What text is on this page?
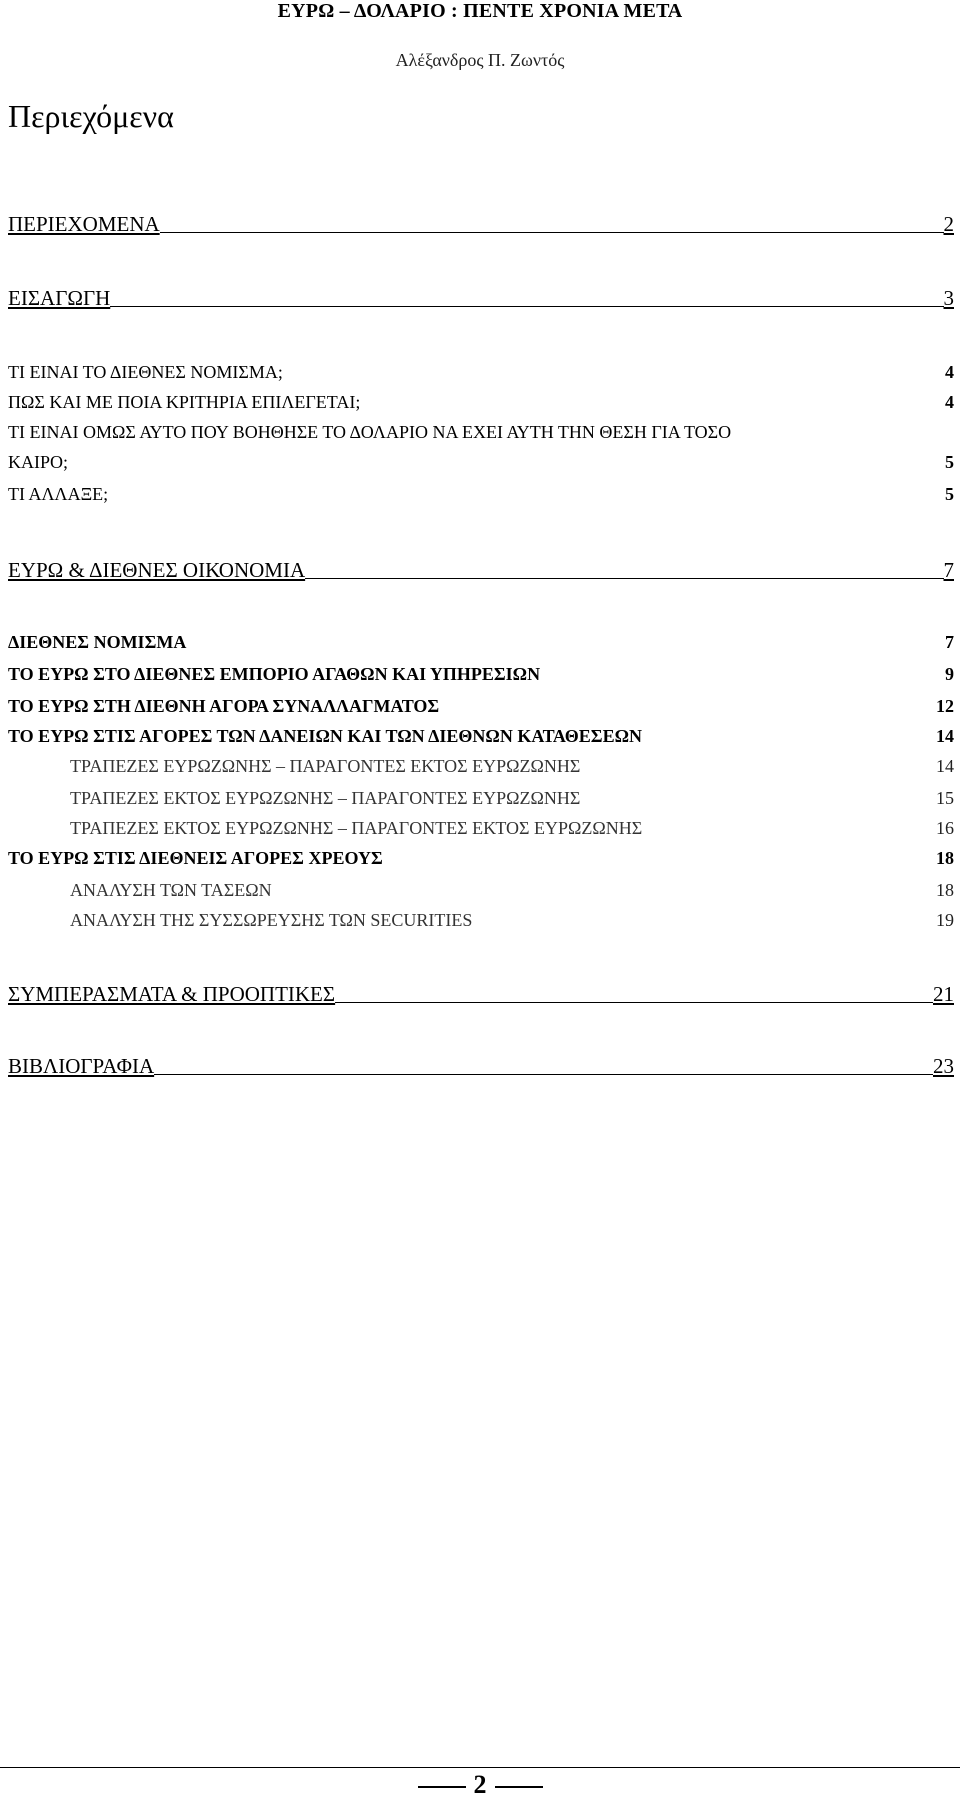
ΕΥΡΩ – ΔΟΛΑΡΙΟ : ΠΕΝΤΕ ΧΡΟΝΙΑ ΜΕΤΑ
Αλέξανδρος Π. Ζωντός
Περιεχόμενα
ΠΕΡΙΕΧΟΜΕΝΑ	2
ΕΙΣΑΓΩΓΗ	3
ΤΙ ΕΙΝΑΙ ΤΟ ΔΙΕΘΝΕΣ ΝΟΜΙΣΜΑ;	4
ΠΩΣ ΚΑΙ ΜΕ ΠΟΙΑ ΚΡΙΤΗΡΙΑ ΕΠΙΛΕΓΕΤΑΙ;	4
ΤΙ ΕΙΝΑΙ ΟΜΩΣ ΑΥΤΟ ΠΟΥ ΒΟΗΘΗΣΕ ΤΟ ΔΟΛΑΡΙΟ ΝΑ ΕΧΕΙ ΑΥΤΗ ΤΗΝ ΘΕΣΗ ΓΙΑ ΤΟΣΟ
ΚΑΙΡΟ;	5
ΤΙ ΑΛΛΑΞΕ;	5
ΕΥΡΩ & ΔΙΕΘΝΕΣ ΟΙΚΟΝΟΜΙΑ	7
ΔΙΕΘΝΕΣ ΝΟΜΙΣΜΑ	7
ΤΟ ΕΥΡΩ ΣΤΟ ΔΙΕΘΝΕΣ ΕΜΠΟΡΙΟ ΑΓΑΘΩΝ ΚΑΙ ΥΠΗΡΕΣΙΩΝ	9
ΤΟ ΕΥΡΩ ΣΤΗ ΔΙΕΘΝΗ ΑΓΟΡΑ ΣΥΝΑΛΛΑΓΜΑΤΟΣ	12
ΤΟ ΕΥΡΩ ΣΤΙΣ ΑΓΟΡΕΣ ΤΩΝ ΔΑΝΕΙΩΝ ΚΑΙ ΤΩΝ ΔΙΕΘΝΩΝ ΚΑΤΑΘΕΣΕΩΝ	14
ΤΡΑΠΕΖΕΣ ΕΥΡΩΖΩΝΗΣ – ΠΑΡΑΓΟΝΤΕΣ ΕΚΤΟΣ ΕΥΡΩΖΩΝΗΣ	14
ΤΡΑΠΕΖΕΣ ΕΚΤΟΣ ΕΥΡΩΖΩΝΗΣ – ΠΑΡΑΓΟΝΤΕΣ ΕΥΡΩΖΩΝΗΣ	15
ΤΡΑΠΕΖΕΣ ΕΚΤΟΣ ΕΥΡΩΖΩΝΗΣ – ΠΑΡΑΓΟΝΤΕΣ ΕΚΤΟΣ ΕΥΡΩΖΩΝΗΣ	16
ΤΟ ΕΥΡΩ ΣΤΙΣ ΔΙΕΘΝΕΙΣ ΑΓΟΡΕΣ ΧΡΕΟΥΣ	18
ΑΝΑΛΥΣΗ ΤΩΝ ΤΑΣΕΩΝ	18
ΑΝΑΛΥΣΗ ΤΗΣ ΣΥΣΣΩΡΕΥΣΗΣ ΤΩΝ SECURITIES	19
ΣΥΜΠΕΡΑΣΜΑΤΑ & ΠΡΟΟΠΤΙΚΕΣ	21
ΒΙΒΛΙΟΓΡΑΦΙΑ	23
2
